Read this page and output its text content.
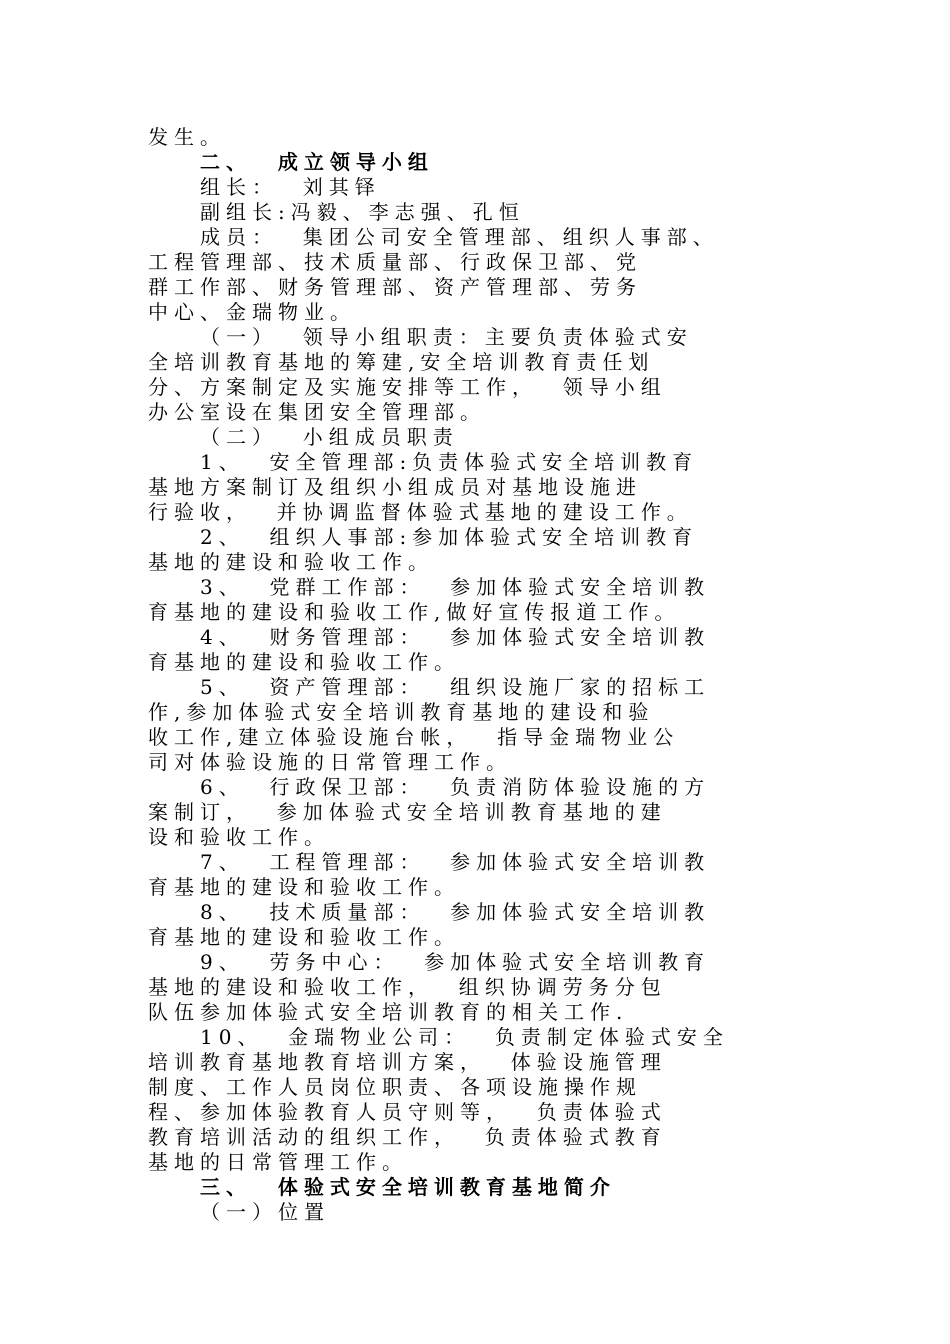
发生。

二、  成立领导小组

组长：  刘其铎

副组长:冯毅、李志强、孔恒

成员：  集团公司安全管理部、组织人事部、

工程管理部、技术质量部、行政保卫部、党

群工作部、财务管理部、资产管理部、劳务

中心、金瑞物业。

（一）  领导小组职责：主要负责体验式安

全培训教育基地的筹建,安全培训教育责任划

分、方案制定及实施安排等工作，  领导小组

办公室设在集团安全管理部。

（二）  小组成员职责

1、  安全管理部:负责体验式安全培训教育

基地方案制订及组织小组成员对基地设施进

行验收，  并协调监督体验式基地的建设工作。

2、  组织人事部:参加体验式安全培训教育

基地的建设和验收工作。

3、  党群工作部：  参加体验式安全培训教

育基地的建设和验收工作,做好宣传报道工作。

4、  财务管理部：  参加体验式安全培训教

育基地的建设和验收工作。

5、  资产管理部：  组织设施厂家的招标工

作,参加体验式安全培训教育基地的建设和验

收工作,建立体验设施台帐，  指导金瑞物业公

司对体验设施的日常管理工作。

6、  行政保卫部：  负责消防体验设施的方

案制订，  参加体验式安全培训教育基地的建

设和验收工作。

7、  工程管理部：  参加体验式安全培训教

育基地的建设和验收工作。

8、  技术质量部：  参加体验式安全培训教

育基地的建设和验收工作。

9、  劳务中心：  参加体验式安全培训教育

基地的建设和验收工作，  组织协调劳务分包

队伍参加体验式安全培训教育的相关工作.

10、  金瑞物业公司：  负责制定体验式安全

培训教育基地教育培训方案，  体验设施管理

制度、工作人员岗位职责、各项设施操作规

程、参加体验教育人员守则等，  负责体验式

教育培训活动的组织工作，  负责体验式教育

基地的日常管理工作。

三、  体验式安全培训教育基地简介

（一）位置
